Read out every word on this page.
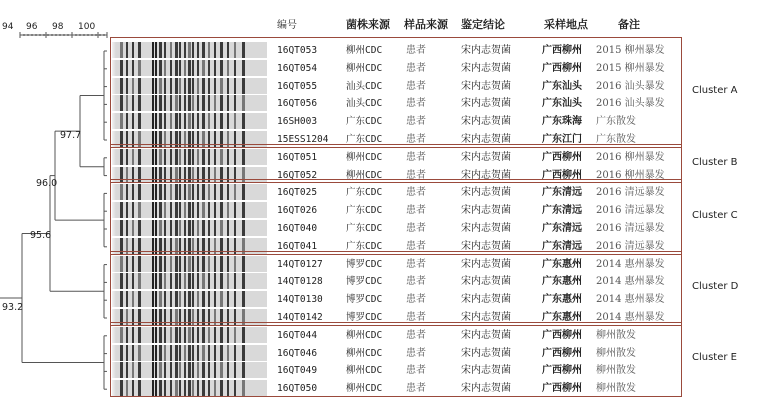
94 96 98 100	编号	菌株来源 样品来源 鉴定结论	采样地点	备注
16QT053	柳州CDC 患者	宋内志贺菌	广西柳州 2015 柳州暴发
16QT054	柳州CDC 患者	宋内志贺菌	广西柳州 2015 柳州暴发
16QT055	汕头CDC 患者	宋内志贺菌	广东汕头 2016 汕头暴发
16QT056	汕头CDC 患者	宋内志贺菌	广东汕头 2016 汕头暴发
16SH003	广东CDC 患者	宋内志贺菌	广东珠海 广东散发
15ESS1204 广东CDC 患者	宋内志贺菌	广东江门 广东散发
16QT051	柳州CDC 患者	宋内志贺菌	广西柳州 2016 柳州暴发
16QT052	柳州CDC 患者	宋内志贺菌	广西柳州 2016 柳州暴发
16QT025	广东CDC 患者	宋内志贺菌	广东清远 2016 清远暴发
16QT026	广东CDC 患者	宋内志贺菌	广东清远 2016 清远暴发
16QT040	广东CDC 患者	宋内志贺菌	广东清远 2016 清远暴发
16QT041	广东CDC 患者	宋内志贺菌	广东清远 2016 清远暴发
14QT0127 博罗CDC 患者	宋内志贺菌	广东惠州 2014 惠州暴发
14QT0128 博罗CDC 患者	宋内志贺菌	广东惠州 2014 惠州暴发
14QT0130 博罗CDC 患者	宋内志贺菌	广东惠州 2014 惠州暴发
14QT0142 博罗CDC 患者	宋内志贺菌	广东惠州 2014 惠州暴发
16QT044	柳州CDC 患者	宋内志贺菌	广西柳州 柳州散发
16QT046	柳州CDC 患者	宋内志贺菌	广西柳州 柳州散发
16QT049	柳州CDC 患者	宋内志贺菌	广西柳州 柳州散发
16QT050	柳州CDC 患者	宋内志贺菌	广西柳州 柳州散发
Cluster A
Cluster B
Cluster C
Cluster D
Cluster E
97.7
96.0
95.6
93.2
